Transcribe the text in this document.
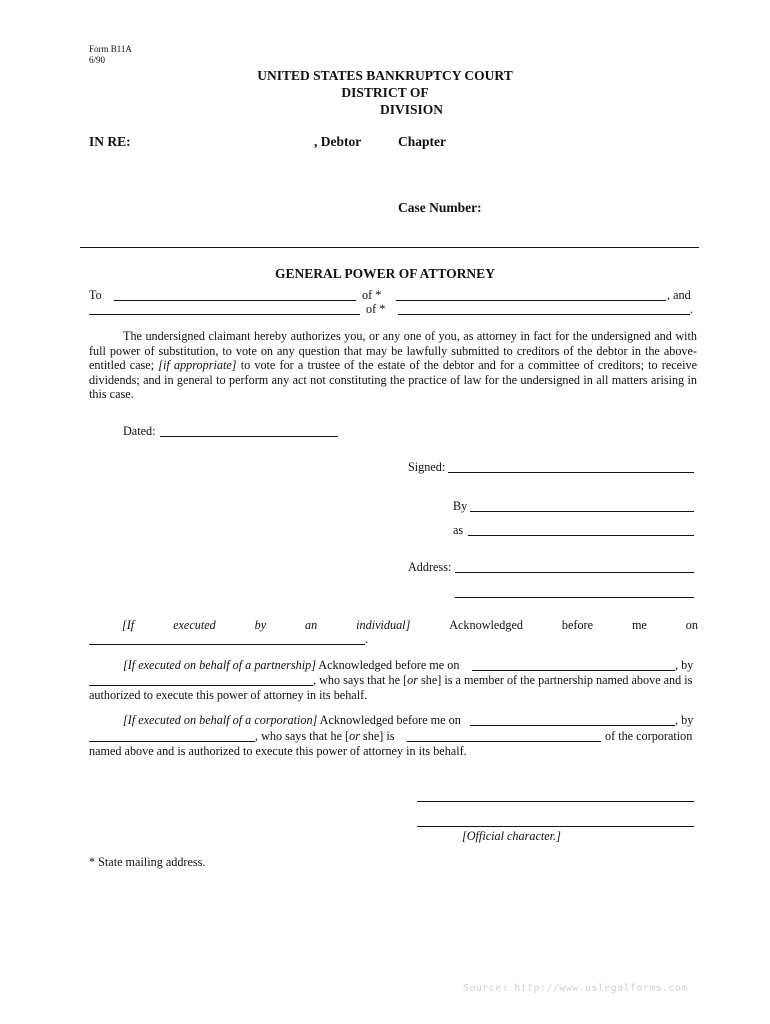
Form B11A
6/90
UNITED STATES BANKRUPTCY COURT
DISTRICT OF
DIVISION
IN RE:	, Debtor	Chapter
Case Number:
GENERAL POWER OF ATTORNEY
To	of *	, and
of *	.
The undersigned claimant hereby authorizes you, or any one of you, as attorney in fact for the undersigned and with
full power of substitution, to vote on any question that may be lawfully submitted to creditors of the debtor in the above-
entitled case; [if appropriate] to vote for a trustee of the estate of the debtor and for a committee of creditors; to receive
dividends; and in general to perform any act not constituting the practice of law for the undersigned in all matters arising in
this case.
Dated:
Signed:
By
as
Address:
[If	executed	by	an	individual]	Acknowledged	before	me	on
.
[If executed on behalf of a partnership] Acknowledged before me on	, by
, who says that he [or she] is a member of the partnership named above and is
authorized to execute this power of attorney in its behalf.
[If executed on behalf of a corporation] Acknowledged before me on	, by
, who says that he [or she] is	of the corporation
named above and is authorized to execute this power of attorney in its behalf.
[Official character.]
* State mailing address.
Source: http://www.uslegalforms.com
